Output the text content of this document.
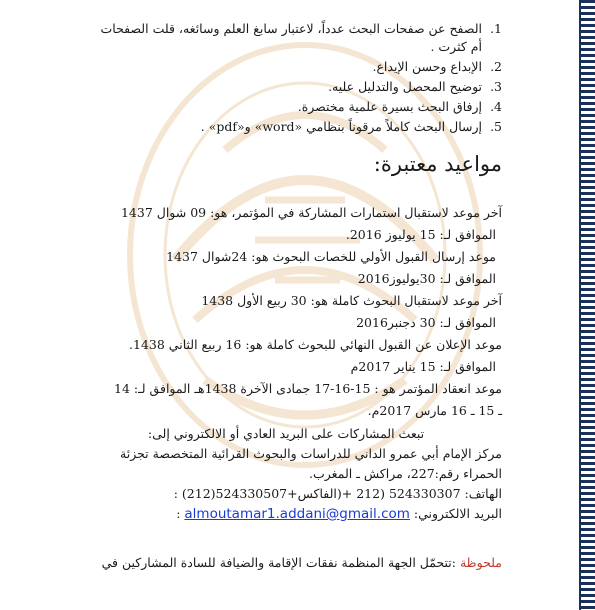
1.
الصفح عن صفحات البحث عدداً، لاعتبار سابغ العلم وسائغه، قلت الصفحات أم كثرت .
2.
الإبداع وحسن الإيداع.
3.
توضيح المحصل والتدليل عليه.
4.
إرفاق البحث بسيرة علمية مختصرة.
5.
إرسال البحث كاملاً مرقوناً بنظامي «word» و«pdf» .
مواعيد معتبرة:

آخر موعد لاستقبال استمارات المشاركة في المؤتمر، هو: 09 شوال 1437

الموافق لـ: 15 يوليوز 2016.

موعد إرسال القبول الأولي للخصات البحوث هو: 24شوال 1437

الموافق لـ: 30يوليوز2016

آخر موعد لاستقبال البحوث كاملة هو: 30 ربيع الأول 1438

الموافق لـ: 30 دجنبر2016

موعد الإعلان عن القبول النهائي للبحوث كاملة هو: 16 ربيع الثاني 1438.

الموافق لـ: 15 يناير 2017م

موعد انعقاد المؤتمر هو : 15-16-17 جمادى الآخرة 1438هـ الموافق لـ: 14

ـ 15 ـ 16 مارس 2017م.

تبعث المشاركات على البريد العادي أو الالكتروني إلى:

مركز الإمام أبي عمرو الداني للدراسات والبحوث القرائية المتخصصة تجزئة

الحمراء رقم:227، مراكش ـ المغرب.

الهاتف: 524330307 (212 +(الفاكس+524330507(212) :

البريد الالكتروني: almoutamar1.addani@gmail.com :

ملحوظة :تتحمّل الجهة المنظمة نفقات الإقامة والضيافة للسادة المشاركين في
